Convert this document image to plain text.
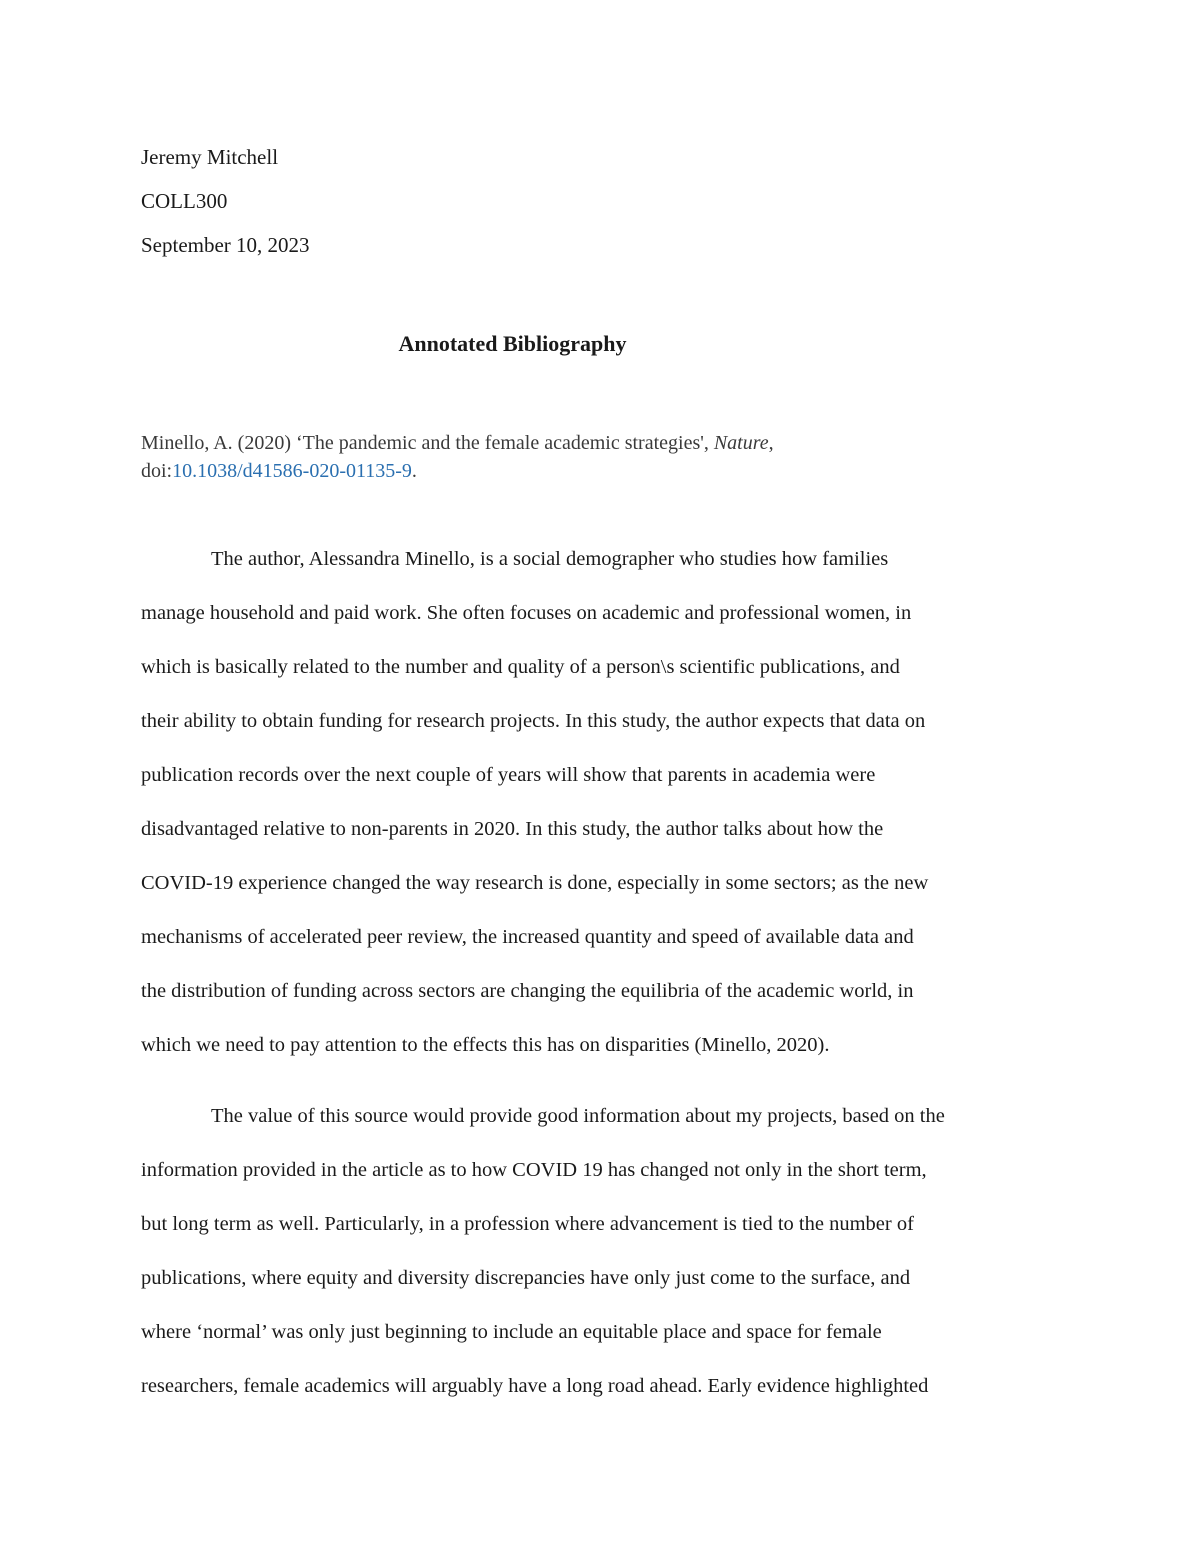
Jeremy Mitchell
COLL300
September 10, 2023
Annotated Bibliography
Minello, A. (2020) ‘The pandemic and the female academic strategies', Nature,
doi:10.1038/d41586-020-01135-9.
The author, Alessandra Minello, is a social demographer who studies how families
manage household and paid work. She often focuses on academic and professional women, in
which is basically related to the number and quality of a person\s scientific publications, and
their ability to obtain funding for research projects. In this study, the author expects that data on
publication records over the next couple of years will show that parents in academia were
disadvantaged relative to non-parents in 2020. In this study, the author talks about how the
COVID-19 experience changed the way research is done, especially in some sectors; as the new
mechanisms of accelerated peer review, the increased quantity and speed of available data and
the distribution of funding across sectors are changing the equilibria of the academic world, in
which we need to pay attention to the effects this has on disparities (Minello, 2020).
The value of this source would provide good information about my projects, based on the
information provided in the article as to how COVID 19 has changed not only in the short term,
but long term as well. Particularly, in a profession where advancement is tied to the number of
publications, where equity and diversity discrepancies have only just come to the surface, and
where ‘normal’ was only just beginning to include an equitable place and space for female
researchers, female academics will arguably have a long road ahead. Early evidence highlighted
